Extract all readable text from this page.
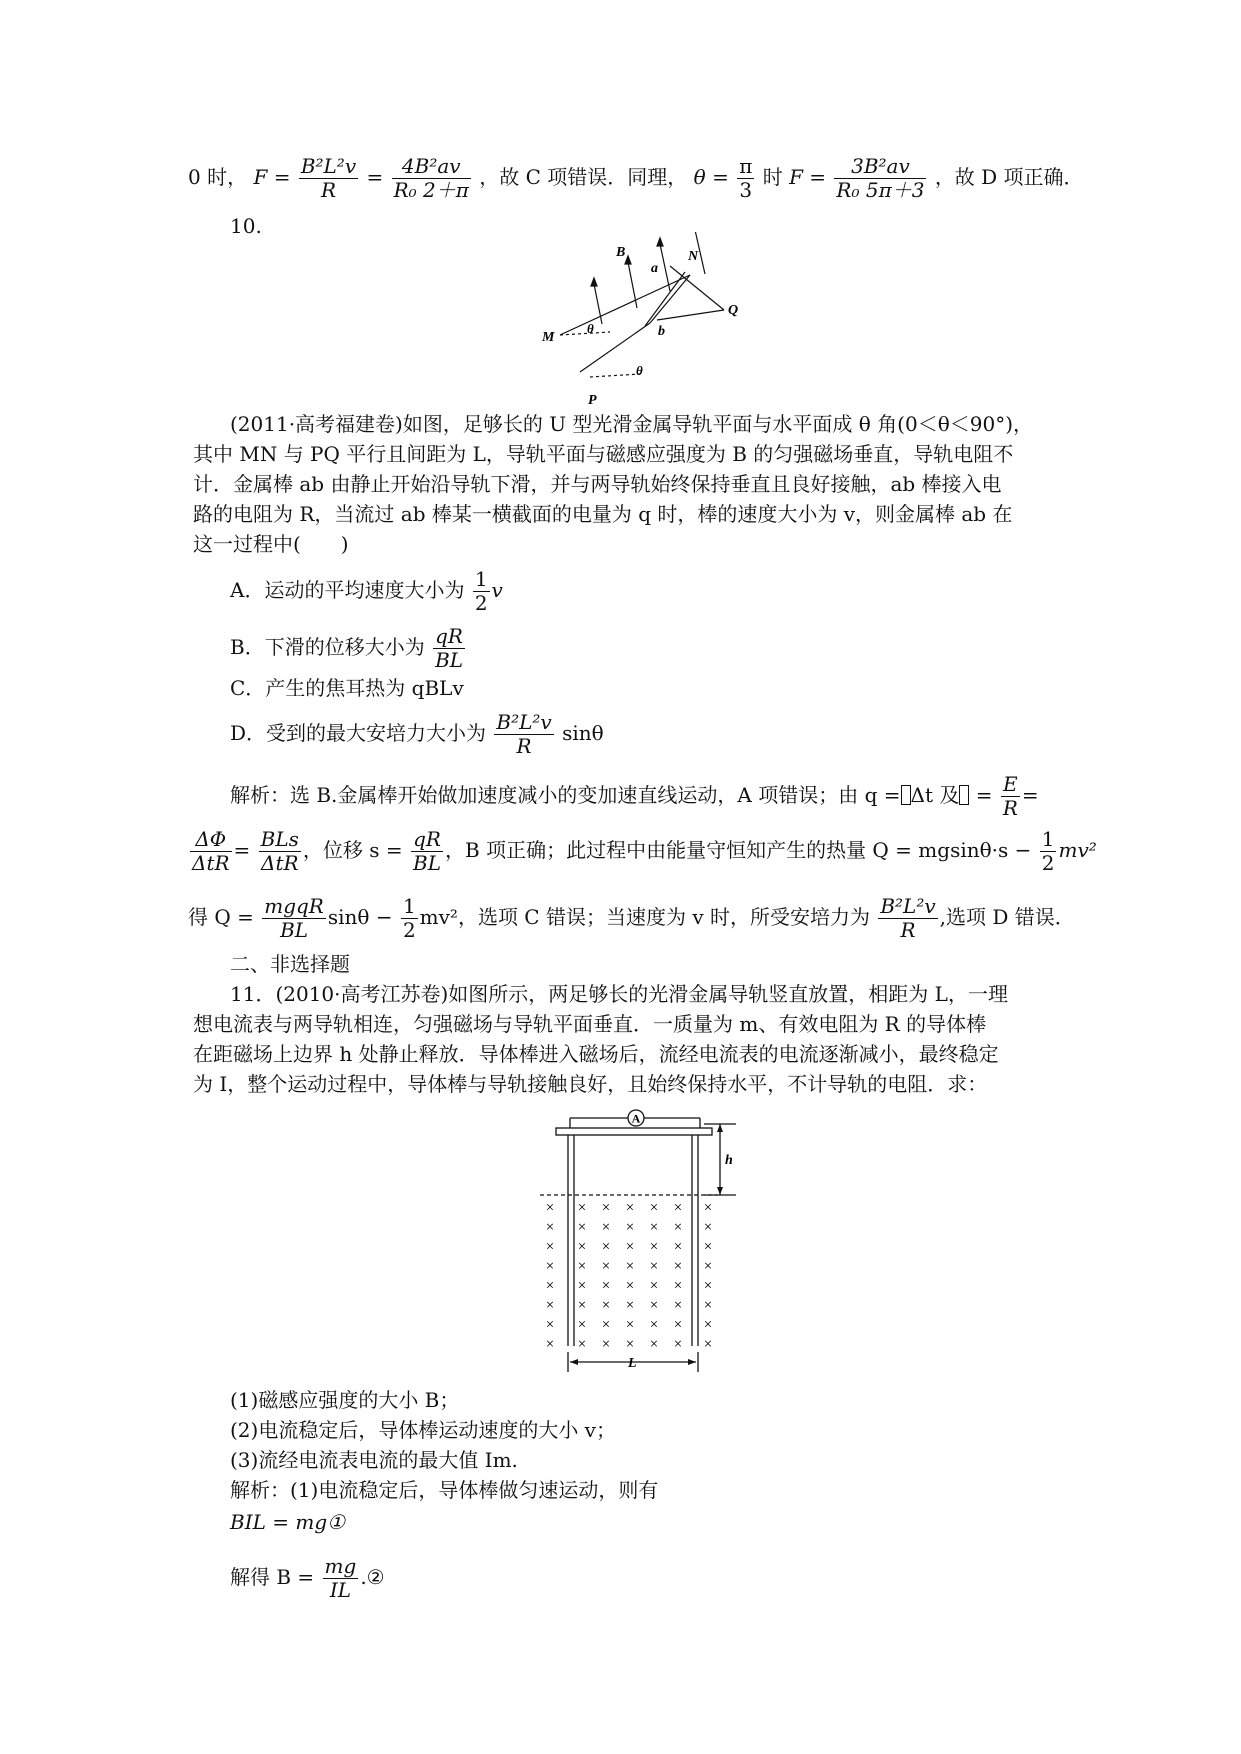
0 时， $F = \frac{\text{B²L²v}}{R} = \frac{\text{4B²av}}{\text{R₀ 2＋π}}$ ，故 C 项错误．同理， $\theta = \frac{\pi}{3}$ 时 $F = \frac{\text{3B²av}}{\text{R₀ 5π＋3}}$ ，故 D 项正确．
10.
B
a
N
Q
M
θ	b
θ
P
(2011·高考福建卷)如图，足够长的 U 型光滑金属导轨平面与水平面成 θ 角(0＜θ＜90°)，
其中 MN 与 PQ 平行且间距为 L，导轨平面与磁感应强度为 B 的匀强磁场垂直，导轨电阻不
计．金属棒 ab 由静止开始沿导轨下滑，并与两导轨始终保持垂直且良好接触，ab 棒接入电
路的电阻为 R，当流过 ab 棒某一横截面的电量为 q 时，棒的速度大小为 v，则金属棒 ab 在
这一过程中(　　)
A．运动的平均速度大小为 $\frac{1}{2}$ v
B．下滑的位移大小为 $\frac{qR}{BL}$
C．产生的焦耳热为 qBLv
D．受到的最大安培力大小为 $\frac{\text{B²L²v}}{R}$ sinθ
解析：选 B.金属棒开始做加速度减小的变加速直线运动，A 项错误；由 q = Δt 及 = $\frac{E}{R}$ =
$\frac{\Delta\Phi}{\text{ΔtR}} = \frac{\text{BLs}}{\text{ΔtR}}$ ，位移 $s = \frac{qR}{BL}$ ，B 项正确；此过程中由能量守恒知产生的热量 $Q = mgsin\theta\cdot s - \frac{1}{2} mv^2$
得 $Q = \frac{\text{mgqR}}{BL}$ $\sin\theta - \frac{1}{2} mv^2$，选项 C 错误；当速度为 v 时，所受安培力为 $\frac{\text{B²L²v}}{R}$ ,选项 D 错误．
二、非选择题
11．(2010·高考江苏卷)如图所示，两足够长的光滑金属导轨竖直放置，相距为 L，一理
想电流表与两导轨相连，匀强磁场与导轨平面垂直．一质量为 m、有效电阻为 R 的导体棒
在距磁场上边界 h 处静止释放．导体棒进入磁场后，流经电流表的电流逐渐减小，最终稳定
为 I，整个运动过程中，导体棒与导轨接触良好，且始终保持水平，不计导轨的电阻．求：
A
h
L
× × × × × × ×
× × × × × × ×
× × × × × × ×
× × × × × × ×
× × × × × × ×
× × × × × × ×
× × × × × × ×
× × × × × × ×
(1)磁感应强度的大小 B；
(2)电流稳定后，导体棒运动速度的大小 v；
(3)流经电流表电流的最大值 Im.
解析：(1)电流稳定后，导体棒做匀速运动，则有
BIL = mg①
解得 $B = \frac{mg}{IL}$ .②
